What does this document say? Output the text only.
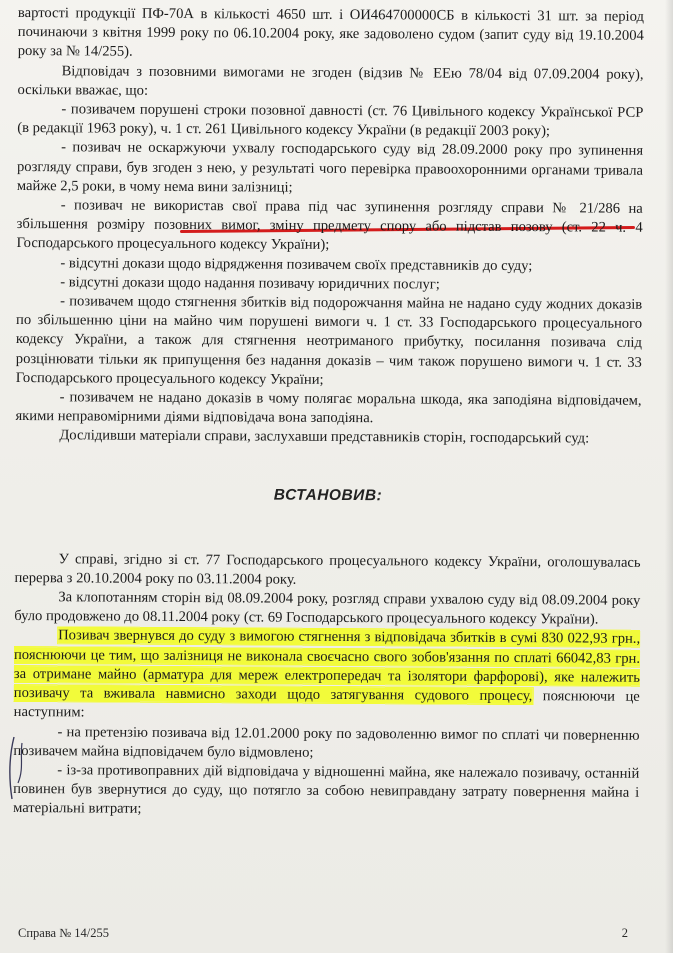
вартості продукції ПФ-70А в кількості 4650 шт. і ОИ464700000СБ в кількості 31 шт. за період починаючи з квітня 1999 року по 06.10.2004 року, яке задоволено судом (запит суду від 19.10.2004 року за № 14/255).

Відповідач з позовними вимогами не згоден (відзив № ЕЕю 78/04 від 07.09.2004 року), оскільки вважає, що:

- позивачем порушені строки позовної давності (ст. 76 Цивільного кодексу Української РСР (в редакції 1963 року), ч. 1 ст. 261 Цивільного кодексу України (в редакції 2003 року);

- позивач не оскаржуючи ухвалу господарського суду від 28.09.2000 року про зупинення розгляду справи, був згоден з нею, у результаті чого перевірка правоохоронними органами тривала майже 2,5 роки, в чому нема вини залізниці;

- позивач не використав свої права під час зупинення розгляду справи № 21/286 на збільшення розміру позовних вимог, зміну предмету спору або підстав позову (ст. 22 ч. 4 Господарського процесуального кодексу України);

- відсутні докази щодо відрядження позивачем своїх представників до суду;

- відсутні докази щодо надання позивачу юридичних послуг;

- позивачем щодо стягнення збитків від подорожчання майна не надано суду жодних доказів по збільшенню ціни на майно чим порушені вимоги ч. 1 ст. 33 Господарського процесуального кодексу України, а також для стягнення неотриманого прибутку, посилання позивача слід розцінювати тільки як припущення без надання доказів – чим також порушено вимоги ч. 1 ст. 33 Господарського процесуального кодексу України;

- позивачем не надано доказів в чому полягає моральна шкода, яка заподіяна відповідачем, якими неправомірними діями відповідача вона заподіяна.

Дослідивши матеріали справи, заслухавши представників сторін, господарський суд:

ВСТАНОВИВ:

У справі, згідно зі ст. 77 Господарського процесуального кодексу України, оголошувалась перерва з 20.10.2004 року по 03.11.2004 року.

За клопотанням сторін від 08.09.2004 року, розгляд справи ухвалою суду від 08.09.2004 року було продовжено до 08.11.2004 року (ст. 69 Господарського процесуального кодексу України).

Позивач звернувся до суду з вимогою стягнення з відповідача збитків в сумі 830 022,93 грн., пояснюючи це тим, що залізниця не виконала своєчасно свого зобов'язання по сплаті 66042,83 грн. за отримане майно (арматура для мереж електропередач та ізолятори фарфорові), яке належить позивачу та вживала навмисно заходи щодо затягування судового процесу, пояснюючи це наступним:

- на претензію позивача від 12.01.2000 року по задоволенню вимог по сплаті чи поверненню позивачем майна відповідачем було відмовлено;

- із-за противоправних дій відповідача у відношенні майна, яке належало позивачу, останній повинен був звернутися до суду, що потягло за собою невиправдану затрату повернення майна і матеріальні витрати;

Справа № 14/255	2
